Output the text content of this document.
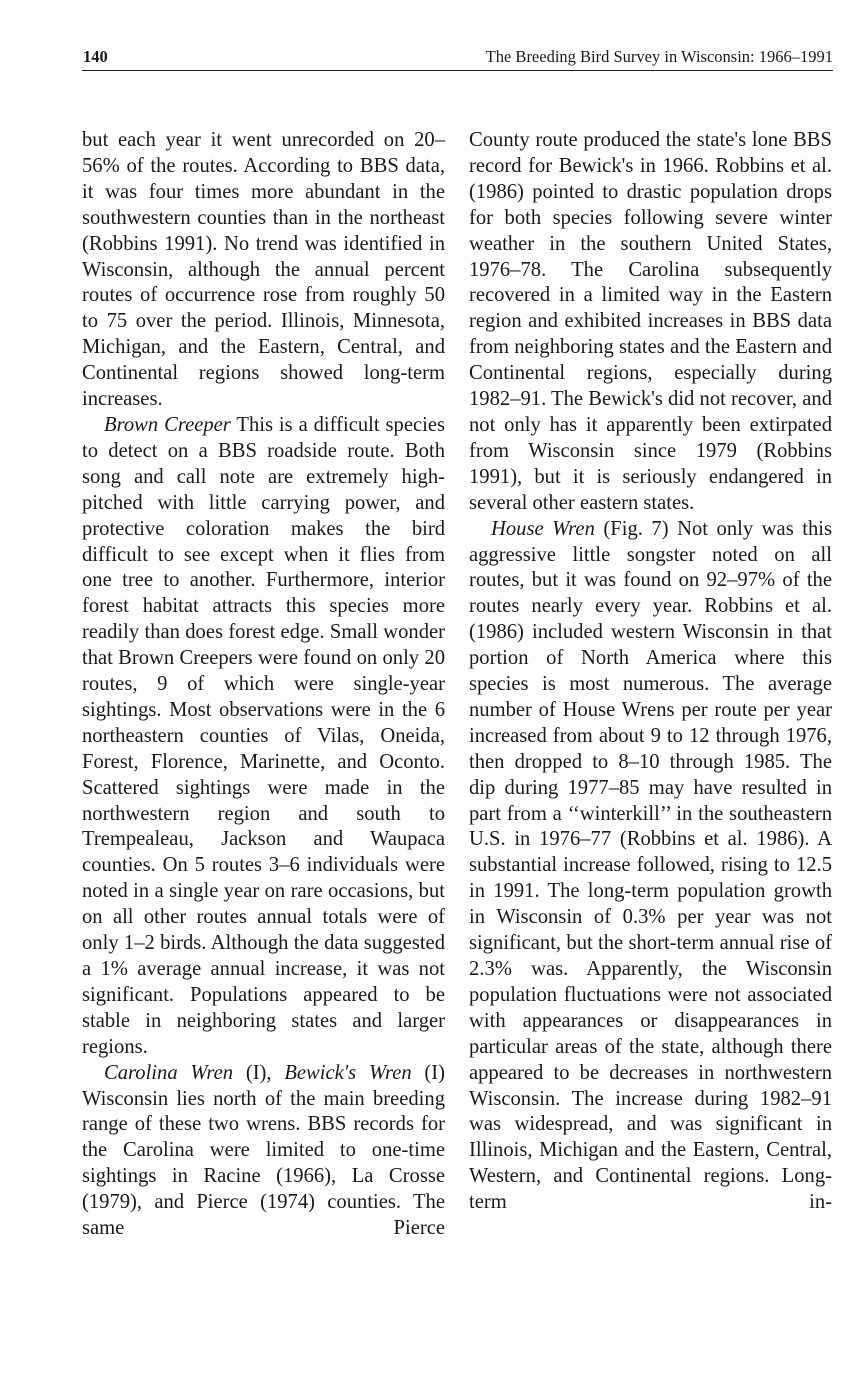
140	The Breeding Bird Survey in Wisconsin: 1966–1991

but each year it went unrecorded on 20–56% of the routes. According to BBS data, it was four times more abundant in the southwestern counties than in the northeast (Robbins 1991). No trend was identified in Wisconsin, although the annual percent routes of occurrence rose from roughly 50 to 75 over the period. Illinois, Minnesota, Michigan, and the Eastern, Central, and Continental regions showed long-term increases.

Brown Creeper This is a difficult species to detect on a BBS roadside route. Both song and call note are extremely high-pitched with little carrying power, and protective coloration makes the bird difficult to see except when it flies from one tree to another. Furthermore, interior forest habitat attracts this species more readily than does forest edge. Small wonder that Brown Creepers were found on only 20 routes, 9 of which were single-year sightings. Most observations were in the 6 northeastern counties of Vilas, Oneida, Forest, Florence, Marinette, and Oconto. Scattered sightings were made in the northwestern region and south to Trempealeau, Jackson and Waupaca counties. On 5 routes 3–6 individuals were noted in a single year on rare occasions, but on all other routes annual totals were of only 1–2 birds. Although the data suggested a 1% average annual increase, it was not significant. Populations appeared to be stable in neighboring states and larger regions.

Carolina Wren (I), Bewick's Wren (I) Wisconsin lies north of the main breeding range of these two wrens. BBS records for the Carolina were limited to one-time sightings in Racine (1966), La Crosse (1979), and Pierce (1974) counties. The same Pierce

County route produced the state's lone BBS record for Bewick's in 1966. Robbins et al. (1986) pointed to drastic population drops for both species following severe winter weather in the southern United States, 1976–78. The Carolina subsequently recovered in a limited way in the Eastern region and exhibited increases in BBS data from neighboring states and the Eastern and Continental regions, especially during 1982–91. The Bewick's did not recover, and not only has it apparently been extirpated from Wisconsin since 1979 (Robbins 1991), but it is seriously endangered in several other eastern states.

House Wren (Fig. 7) Not only was this aggressive little songster noted on all routes, but it was found on 92–97% of the routes nearly every year. Robbins et al. (1986) included western Wisconsin in that portion of North America where this species is most numerous. The average number of House Wrens per route per year increased from about 9 to 12 through 1976, then dropped to 8–10 through 1985. The dip during 1977–85 may have resulted in part from a ‘‘winterkill’’ in the southeastern U.S. in 1976–77 (Robbins et al. 1986). A substantial increase followed, rising to 12.5 in 1991. The long-term population growth in Wisconsin of 0.3% per year was not significant, but the short-term annual rise of 2.3% was. Apparently, the Wisconsin population fluctuations were not associated with appearances or disappearances in particular areas of the state, although there appeared to be decreases in northwestern Wisconsin. The increase during 1982–91 was widespread, and was significant in Illinois, Michigan and the Eastern, Central, Western, and Continental regions. Long-term in-
